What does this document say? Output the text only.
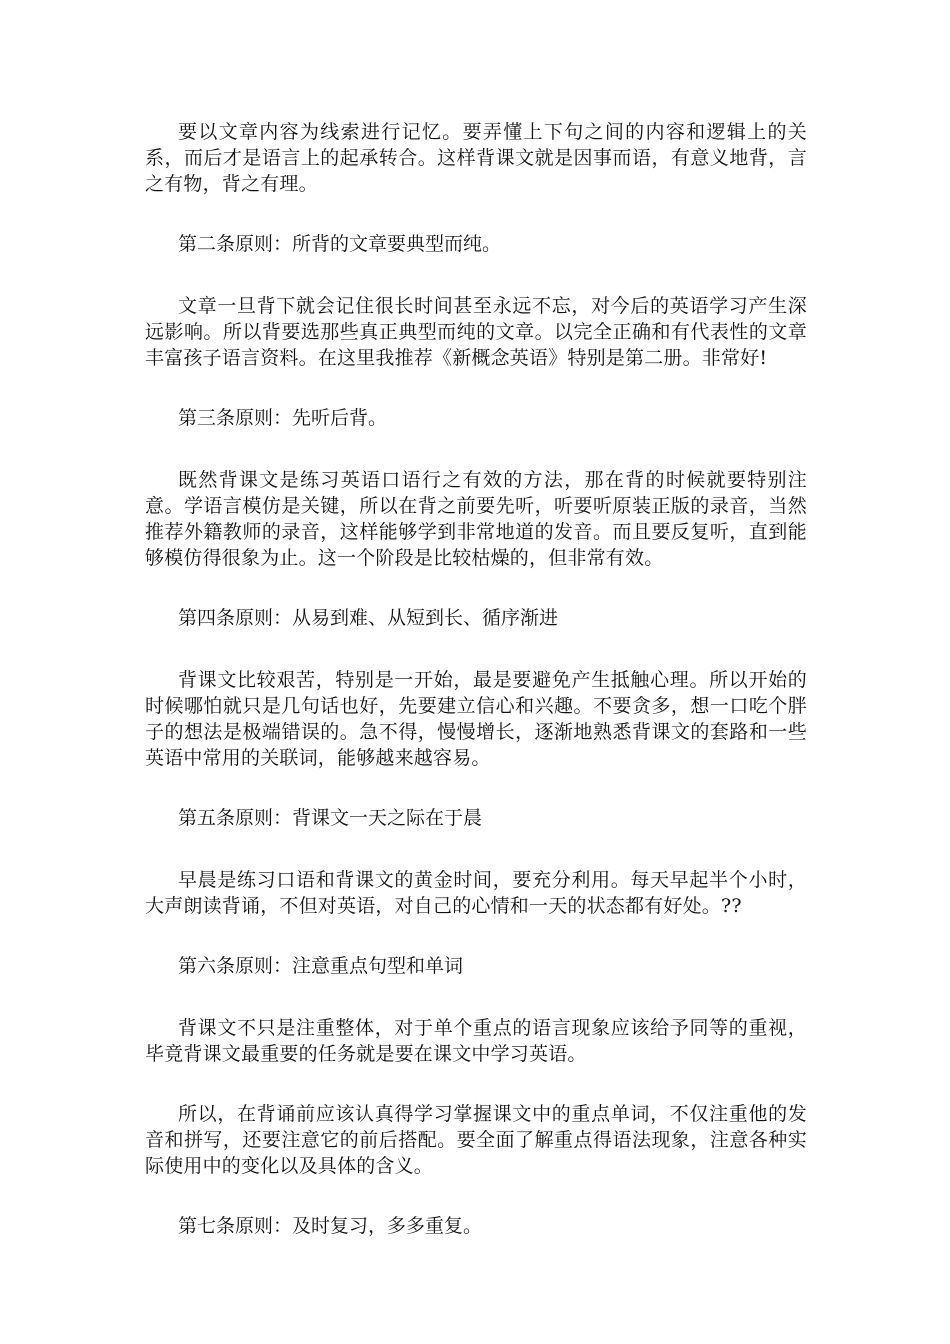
要以文章内容为线索进行记忆。要弄懂上下句之间的内容和逻辑上的关系，而后才是语言上的起承转合。这样背课文就是因事而语，有意义地背，言之有物，背之有理。

第二条原则：所背的文章要典型而纯。

文章一旦背下就会记住很长时间甚至永远不忘，对今后的英语学习产生深远影响。所以背要选那些真正典型而纯的文章。以完全正确和有代表性的文章丰富孩子语言资料。在这里我推荐《新概念英语》特别是第二册。非常好!

第三条原则：先听后背。

既然背课文是练习英语口语行之有效的方法，那在背的时候就要特别注意。学语言模仿是关键，所以在背之前要先听，听要听原装正版的录音，当然推荐外籍教师的录音，这样能够学到非常地道的发音。而且要反复听，直到能够模仿得很象为止。这一个阶段是比较枯燥的，但非常有效。

第四条原则：从易到难、从短到长、循序渐进

背课文比较艰苦，特别是一开始，最是要避免产生抵触心理。所以开始的时候哪怕就只是几句话也好，先要建立信心和兴趣。不要贪多，想一口吃个胖子的想法是极端错误的。急不得，慢慢增长，逐渐地熟悉背课文的套路和一些英语中常用的关联词，能够越来越容易。

第五条原则：背课文一天之际在于晨

早晨是练习口语和背课文的黄金时间，要充分利用。每天早起半个小时，大声朗读背诵，不但对英语，对自己的心情和一天的状态都有好处。??

第六条原则：注意重点句型和单词

背课文不只是注重整体，对于单个重点的语言现象应该给予同等的重视，毕竟背课文最重要的任务就是要在课文中学习英语。

所以，在背诵前应该认真得学习掌握课文中的重点单词，不仅注重他的发音和拼写，还要注意它的前后搭配。要全面了解重点得语法现象，注意各种实际使用中的变化以及具体的含义。

第七条原则：及时复习，多多重复。
